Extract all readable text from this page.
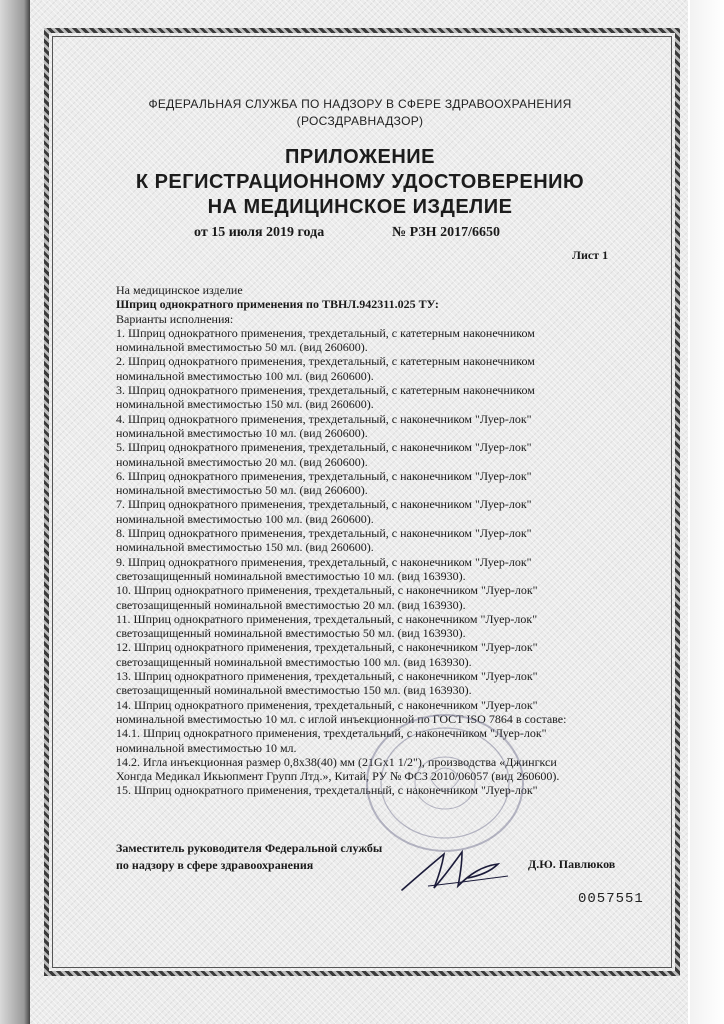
ФЕДЕРАЛЬНАЯ СЛУЖБА ПО НАДЗОРУ В СФЕРЕ ЗДРАВООХРАНЕНИЯ
(РОСЗДРАВНАДЗОР)
ПРИЛОЖЕНИЕ
К РЕГИСТРАЦИОННОМУ УДОСТОВЕРЕНИЮ
НА МЕДИЦИНСКОЕ ИЗДЕЛИЕ
от 15 июля 2019 года	№ РЗН 2017/6650
Лист 1
На медицинское изделие
Шприц однократного применения по ТВНЛ.942311.025 ТУ:
Варианты исполнения:
1. Шприц однократного применения, трехдетальный, с катетерным наконечником
номинальной вместимостью 50 мл. (вид 260600).
2. Шприц однократного применения, трехдетальный, с катетерным наконечником
номинальной вместимостью 100 мл. (вид 260600).
3. Шприц однократного применения, трехдетальный, с катетерным наконечником
номинальной вместимостью 150 мл. (вид 260600).
4. Шприц однократного применения, трехдетальный, с наконечником "Луер-лок"
номинальной вместимостью 10 мл. (вид 260600).
5. Шприц однократного применения, трехдетальный, с наконечником "Луер-лок"
номинальной вместимостью 20 мл. (вид 260600).
6. Шприц однократного применения, трехдетальный, с наконечником "Луер-лок"
номинальной вместимостью 50 мл. (вид 260600).
7. Шприц однократного применения, трехдетальный, с наконечником "Луер-лок"
номинальной вместимостью 100 мл. (вид 260600).
8. Шприц однократного применения, трехдетальный, с наконечником "Луер-лок"
номинальной вместимостью 150 мл. (вид 260600).
9. Шприц однократного применения, трехдетальный, с наконечником "Луер-лок"
светозащищенный номинальной вместимостью 10 мл. (вид 163930).
10. Шприц однократного применения, трехдетальный, с наконечником "Луер-лок"
светозащищенный номинальной вместимостью 20 мл. (вид 163930).
11. Шприц однократного применения, трехдетальный, с наконечником "Луер-лок"
светозащищенный номинальной вместимостью 50 мл. (вид 163930).
12. Шприц однократного применения, трехдетальный, с наконечником "Луер-лок"
светозащищенный номинальной вместимостью 100 мл. (вид 163930).
13. Шприц однократного применения, трехдетальный, с наконечником "Луер-лок"
светозащищенный номинальной вместимостью 150 мл. (вид 163930).
14. Шприц однократного применения, трехдетальный, с наконечником "Луер-лок"
номинальной вместимостью 10 мл. с иглой инъекционной по ГОСТ ISO 7864 в составе:
14.1. Шприц однократного применения, трехдетальный, с наконечником "Луер-лок"
номинальной вместимостью 10 мл.
14.2. Игла инъекционная размер 0,8x38(40) мм (21Gx1 1/2"), производства «Джингкси
Хонгда Медикал Икьюпмент Групп Лтд.», Китай, РУ № ФСЗ 2010/06057 (вид 260600).
15. Шприц однократного применения, трехдетальный, с наконечником "Луер-лок"
Заместитель руководителя Федеральной службы
по надзору в сфере здравоохранения	Д.Ю. Павлюков
0057551
